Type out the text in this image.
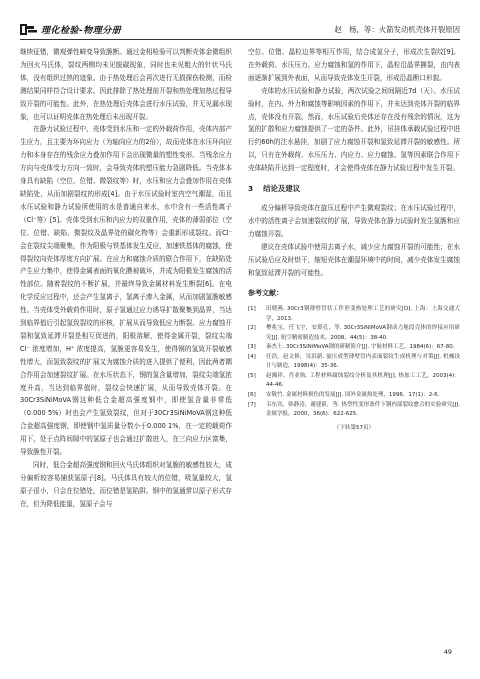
理化检验-物理分册	赵　杨，等：火箭发动机壳体开裂原因

继续征错，微观弹性畸变导致脆断。通过金相检验可以判断壳体金微组织为回火马氏体，裂纹两侧均未见脱碳现象，同时也未见粗大的针状马氏体，没有组织过热的迹象。由于热处理后会再次进行无损探伤检测，而检测结果同样符合设计要求。因此排除了热处理前开裂和热处理加热过程导致开裂的可能性。此外，在热处理后壳体会进行水压试验，并无见漏水现象，也可以证明壳体在热处理后未出现开裂。

在静力试验过程中，壳体受到水压和一定的外载荷作用，壳体内部产生应力，且主要为环向应力（为轴向应力的2倍），故而壳体在水压环向应力和本身存在的残余应力叠加作用下会出现微量的塑性变形。当残余应力方向与壳体受力方向一致时，会导致壳体的塑压能力急剧降低。当壳体本身具有缺陷（空位、位错、微裂纹等）时，水压和应力会叠加作用在壳体缺陷处，从而加剧裂纹的形成[4]。由于水压试验时室内空气潮湿，而且水压试验和静力试验所使用的水是普通自来水，水中含有一些活性离子（Cl⁻等）[5]。壳体受到水压和内应力的双重作用，壳体的薄弱部位（空位、位错、缺陷、微裂纹及晶界处的碳化物等）会重新形成裂纹。而Cl⁻会在裂纹尖端聚集，作为阳极与铁基体发生反应，加速铁基体的腐蚀，使得裂纹向壳体厚度方向扩展。在应力和腐蚀介质的联合作用下，在缺陷处产生应力集中，使得金属表面的氧化膜被破坏，并成为阳极发生腐蚀的活性部位。随着裂纹的不断扩展，并最终导致金属材料发生断裂[6]。在电化学反应过程中，还会产生氢离子，氢离子渗入金属，从而加剧氢脆敏感性。当壳体受外载荷作用时，原子氢通过应力诱导扩散聚集到晶界，当达到临界值后引起氢致裂纹的形核，扩展从而导致低应力断裂。应力腐蚀开裂和氢致延滞开裂是相互促进的，阳极溶解，使得金属开裂，裂纹尖端 Cl⁻ 浓度增加，H⁺ 浓度提高，氢脆更容易发生，使得钢的氢致开裂敏感性增大，而氢致裂纹的扩展又为腐蚀介质的进入提供了便利，因此两者耦合作用会加速裂纹扩展。在水压状态下，钢的氢含量增加，裂纹尖端氢浓度升高，当达到临界值时，裂纹会快速扩展，从而导致壳体开裂。在30Cr3SiNiMoVA钢这种低合金超高强度钢中，即使氢含量非常低（0.000 5%）时也会产生氢致裂纹，但对于30Cr3SiNiMoVA钢这种低合金超高强度钢，即使钢中氢质量分数小于0.000 1%，在一定的载荷作用下，处于点阵间隙中的氢原子也会通过扩散进入，在三向应力区富集，导致脆性开裂。

同时，低合金超高强度钢和回火马氏体组织对氢脆的敏感性较大，成分偏析较容易捕获氢原子[8]。马氏体具有较大的位错，吸氢量较大，氢原子很小，只会在位错处，而位错是氢陷阱。钢中的氢通常以原子形式存在，但为降低能量，氢原子会与

空位、位错、晶粒边界等相互作用，结合成氢分子，形成次生裂纹[9]。在外载荷、水压压力、应力腐蚀和氢的作用下，晶粒沿晶界撕裂，由内表面逐渐扩展到外表面，从而导致壳体发生开裂，形成沿晶断口形貌。

壳体的水压试验和静力试验，两次试验之间间隔近7d（天）。水压试验时，在内、外力和腐蚀等影响因素的作用下，并未达到壳体开裂的临界点，壳体没有开裂。然而，水压试验后壳体还存在没有残余的情况，这为氢的扩散和应力腐蚀提供了一定的条件。此外，吊挂体承载试验过程中进行约60h的注水悬挂，加剧了应力腐蚀开裂和氢致延滞开裂的敏感性。所以，只有在外载荷、水压压力、内应力、应力腐蚀、氢等因素联合作用下壳体缺陷开达到一定程度时，才会使得壳体在静力试验过程中发生开裂。

3 结论及建议

成分偏析导致壳体在旋压过程中产生微观裂纹；在水压试验过程中，水中的活性离子会加速裂纹的扩展，导致壳体在静力试验时发生氢脆和应力腐蚀开裂。

建议在壳体试验中使用去离子水，减少应力腐蚀开裂的可能性；在水压试验后应及时烘干，缩短壳体在潮湿环境中的时间，减少壳体发生腐蚀和氢致延滞开裂的可能性。

参考文献：
[1]	田晓燕. 30Cr3钢薄壁管状工件形变热处理工艺的研究[D]. 上海：上海交通大学，2013.
[2]	樊兆宝，任飞宇，安璟孔，等. 30Cr3SiNiMoVA钢动力舱段壳体的焊接应用研究[J]. 航空精密制造技术，2008，44(5)：38-40.
[3]	秦杰士. 30Cr3SiNiMoVA钢的研制简介[J]. 宇航材料工艺，1984(6)：67-80.
[4]	任浩，赵文修，吴洪新. 旋压成型薄壁管内表面裂纹生成机理与对策[J]. 机械设计与制造，1998(4)：35-36.
[5]	赵湘祥，肖亚航. 工程材料腐蚀裂纹分析及其机理[J]. 热加工工艺，2003(4)：44-46.
[6]	安敬竹. 金属材料损伤的发展[J]. 国外金属热处理，1996，17(1)：2-6.
[7]	韦东宾，韩静涛，谢建新，等. 热塑性变形条件下钢内部裂纹愈合的实验研究[J]. 金属学报，2000，36(6)：622-625.
（下转第57页）
49
